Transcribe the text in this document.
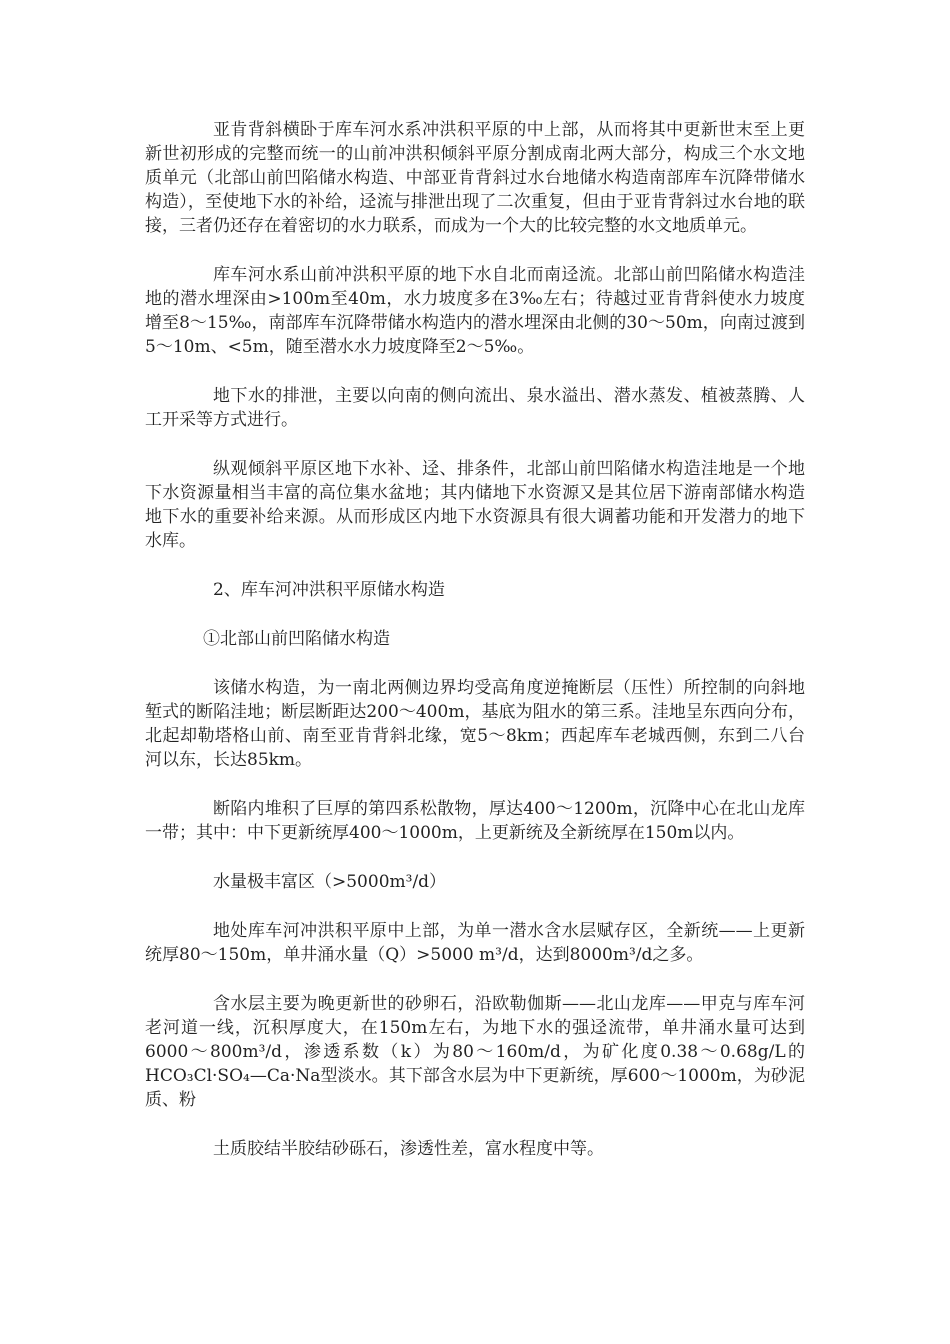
亚肯背斜横卧于库车河水系冲洪积平原的中上部，从而将其中更新世末至上更新世初形成的完整而统一的山前冲洪积倾斜平原分割成南北两大部分，构成三个水文地质单元（北部山前凹陷储水构造、中部亚肯背斜过水台地储水构造南部库车沉降带储水构造），至使地下水的补给，迳流与排泄出现了二次重复，但由于亚肯背斜过水台地的联接，三者仍还存在着密切的水力联系，而成为一个大的比较完整的水文地质单元。

库车河水系山前冲洪积平原的地下水自北而南迳流。北部山前凹陷储水构造洼地的潜水埋深由>100m至40m，水力坡度多在3‰左右；待越过亚肯背斜使水力坡度增至8～15‰，南部库车沉降带储水构造内的潜水埋深由北侧的30～50m，向南过渡到5～10m、<5m，随至潜水水力坡度降至2～5‰。

地下水的排泄，主要以向南的侧向流出、泉水溢出、潜水蒸发、植被蒸腾、人工开采等方式进行。

纵观倾斜平原区地下水补、迳、排条件，北部山前凹陷储水构造洼地是一个地下水资源量相当丰富的高位集水盆地；其内储地下水资源又是其位居下游南部储水构造地下水的重要补给来源。从而形成区内地下水资源具有很大调蓄功能和开发潜力的地下水库。

2、库车河冲洪积平原储水构造

①北部山前凹陷储水构造

该储水构造，为一南北两侧边界均受高角度逆掩断层（压性）所控制的向斜地堑式的断陷洼地；断层断距达200～400m，基底为阻水的第三系。洼地呈东西向分布，北起却勒塔格山前、南至亚肯背斜北缘，宽5～8km；西起库车老城西侧，东到二八台河以东，长达85km。

断陷内堆积了巨厚的第四系松散物，厚达400～1200m，沉降中心在北山龙库一带；其中：中下更新统厚400～1000m，上更新统及全新统厚在150m以内。

水量极丰富区（>5000m³/d）

地处库车河冲洪积平原中上部，为单一潜水含水层赋存区，全新统——上更新统厚80～150m，单井涌水量（Q）>5000 m³/d，达到8000m³/d之多。

含水层主要为晚更新世的砂卵石，沿欧勒伽斯——北山龙库——甲克与库车河老河道一线，沉积厚度大，在150m左右，为地下水的强迳流带，单井涌水量可达到6000～800m³/d，渗透系数（k）为80～160m/d，为矿化度0.38～0.68g/L的HCO₃Cl·SO₄—Ca·Na型淡水。其下部含水层为中下更新统，厚600～1000m，为砂泥质、粉

土质胶结半胶结砂砾石，渗透性差，富水程度中等。
